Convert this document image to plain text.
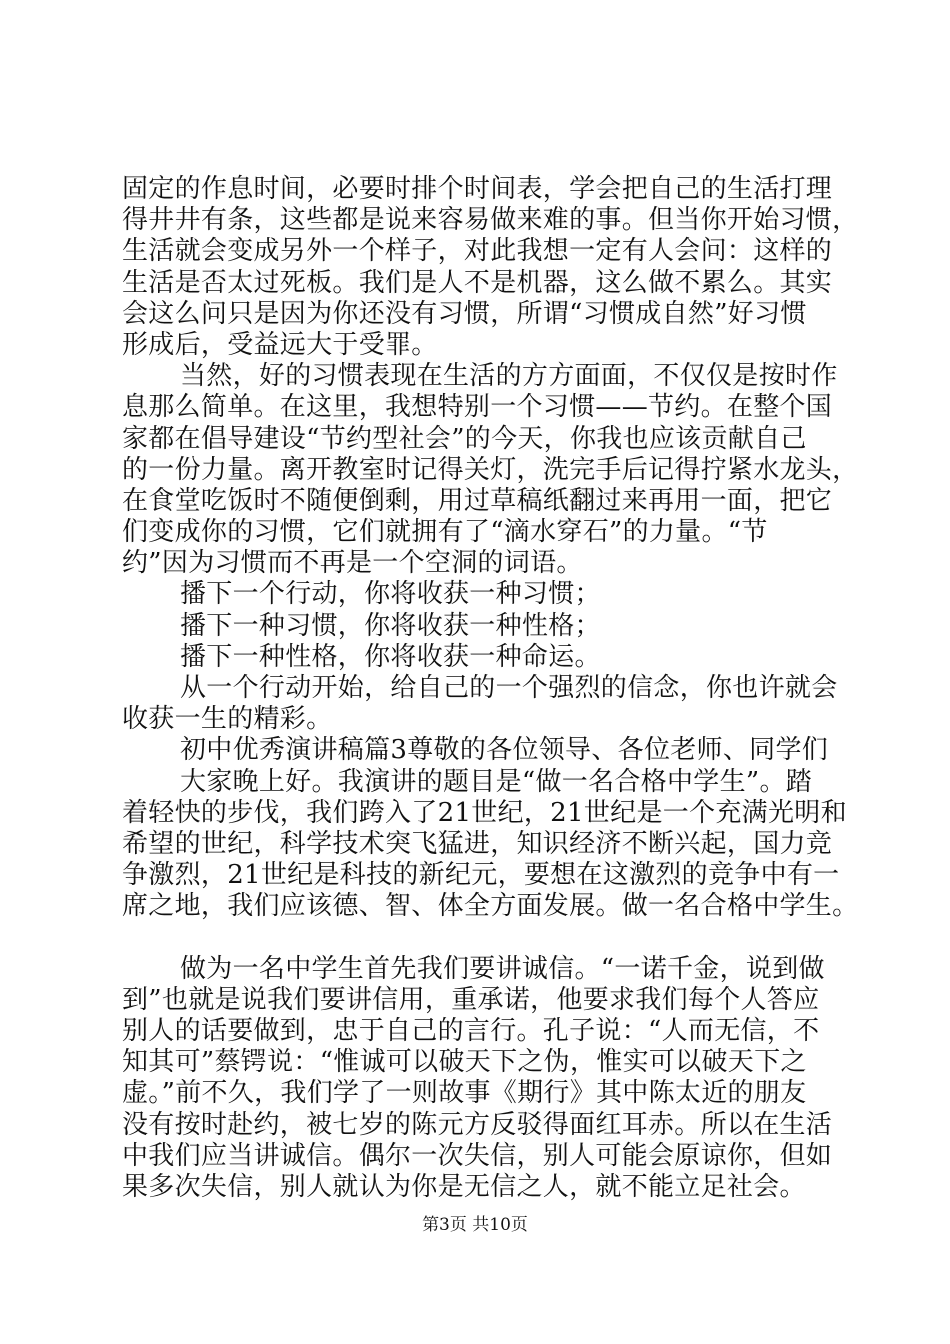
固定的作息时间，必要时排个时间表，学会把自己的生活打理
得井井有条，这些都是说来容易做来难的事。但当你开始习惯，
生活就会变成另外一个样子，对此我想一定有人会问：这样的
生活是否太过死板。我们是人不是机器，这么做不累么。其实
会这么问只是因为你还没有习惯，所谓“习惯成自然”好习惯
形成后，受益远大于受罪。
当然，好的习惯表现在生活的方方面面，不仅仅是按时作
息那么简单。在这里，我想特别一个习惯——节约。在整个国
家都在倡导建设“节约型社会”的今天，你我也应该贡献自己
的一份力量。离开教室时记得关灯，洗完手后记得拧紧水龙头，
在食堂吃饭时不随便倒剩，用过草稿纸翻过来再用一面，把它
们变成你的习惯，它们就拥有了“滴水穿石”的力量。“节
约”因为习惯而不再是一个空洞的词语。
播下一个行动，你将收获一种习惯；
播下一种习惯，你将收获一种性格；
播下一种性格，你将收获一种命运。
从一个行动开始，给自己的一个强烈的信念，你也许就会
收获一生的精彩。
初中优秀演讲稿篇3尊敬的各位领导、各位老师、同学们
大家晚上好。我演讲的题目是“做一名合格中学生”。踏
着轻快的步伐，我们跨入了21世纪，21世纪是一个充满光明和
希望的世纪，科学技术突飞猛进，知识经济不断兴起，国力竞
争激烈，21世纪是科技的新纪元，要想在这激烈的竞争中有一
席之地，我们应该德、智、体全方面发展。做一名合格中学生。
做为一名中学生首先我们要讲诚信。“一诺千金，说到做
到”也就是说我们要讲信用，重承诺，他要求我们每个人答应
别人的话要做到，忠于自己的言行。孔子说：“人而无信，不
知其可”蔡锷说：“惟诚可以破天下之伪，惟实可以破天下之
虚。”前不久，我们学了一则故事《期行》其中陈太近的朋友
没有按时赴约，被七岁的陈元方反驳得面红耳赤。所以在生活
中我们应当讲诚信。偶尔一次失信，别人可能会原谅你，但如
果多次失信，别人就认为你是无信之人，就不能立足社会。
第3页 共10页
